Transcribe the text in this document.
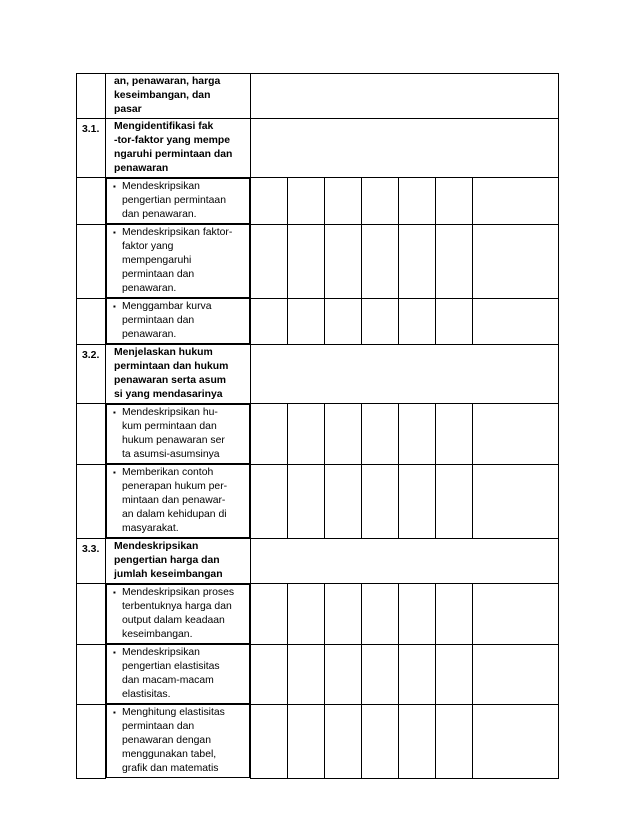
	an, penawaran, harga
keseimbangan, dan
pasar							

3.1.	Mengidentifikasi fak
-tor-faktor yang mempe
ngaruhi permintaan dan
penawaran							

▪ Mendeskripsikan
pengertian permintaan
dan penawaran.

▪ Mendeskripsikan faktor-
faktor yang
mempengaruhi
permintaan dan
penawaran.

▪ Menggambar kurva
permintaan dan
penawaran.

3.2.	Menjelaskan hukum
permintaan dan hukum
penawaran serta asum
si yang mendasarinya							

▪ Mendeskripsikan hu-
kum permintaan dan
hukum penawaran ser
ta asumsi-asumsinya

▪ Memberikan contoh
penerapan hukum per-
mintaan dan penawar-
an dalam kehidupan di
masyarakat.

3.3.	Mendeskripsikan
pengertian harga dan
jumlah keseimbangan							

▪ Mendeskripsikan proses
terbentuknya harga dan
output dalam keadaan
keseimbangan.

▪ Mendeskripsikan
pengertian elastisitas
dan macam-macam
elastisitas.

▪ Menghitung elastisitas
permintaan dan
penawaran dengan
menggunakan tabel,
grafik dan matematis
